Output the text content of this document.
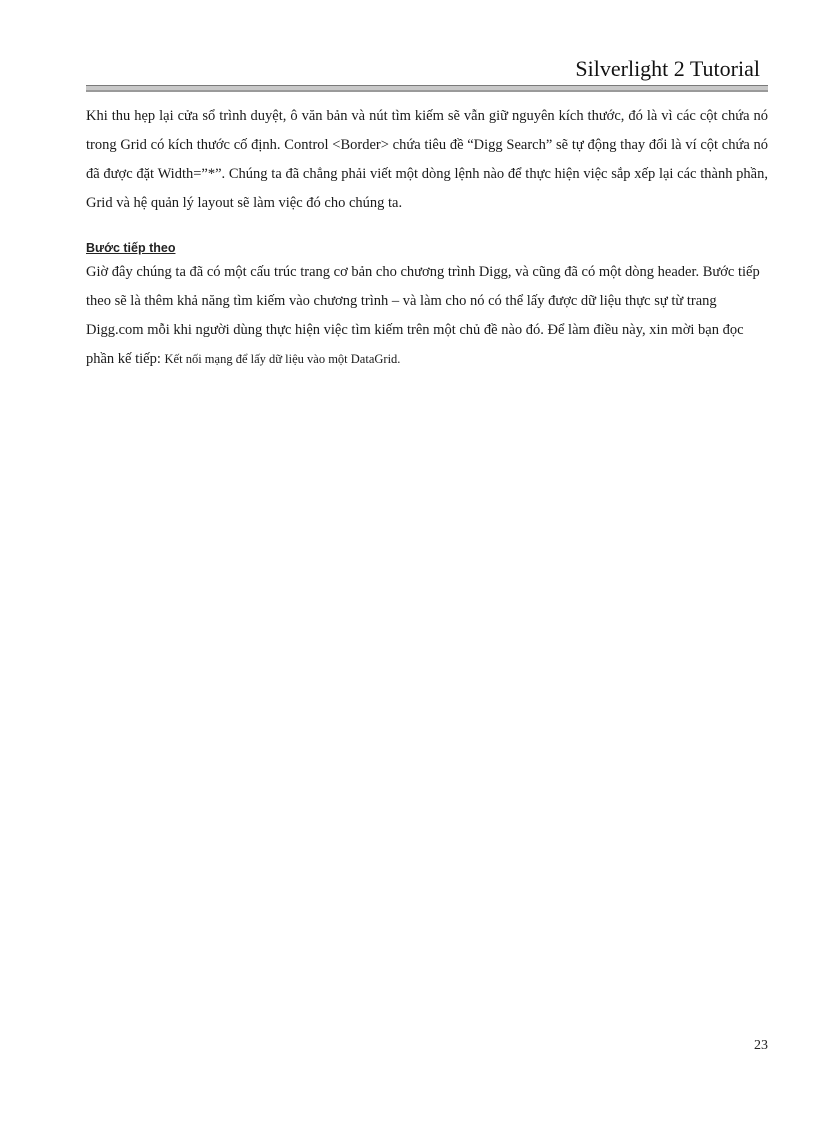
Silverlight 2 Tutorial

Khi thu hẹp lại cửa sổ trình duyệt, ô văn bản và nút tìm kiếm sẽ vẫn giữ nguyên kích thước, đó là vì các cột chứa nó trong Grid có kích thước cố định. Control <Border> chứa tiêu đề “Digg Search” sẽ tự động thay đổi là ví cột chứa nó đã được đặt Width=”*”. Chúng ta đã chẳng phải viết một dòng lệnh nào để thực hiện việc sắp xếp lại các thành phần, Grid và hệ quản lý layout sẽ làm việc đó cho chúng ta.

Bước tiếp theo

Giờ đây chúng ta đã có một cấu trúc trang cơ bản cho chương trình Digg, và cũng đã có một dòng header. Bước tiếp theo sẽ là thêm khả năng tìm kiếm vào chương trình – và làm cho nó có thể lấy được dữ liệu thực sự từ trang Digg.com mỗi khi người dùng thực hiện việc tìm kiếm trên một chủ đề nào đó. Để làm điều này, xin mời bạn đọc phần kế tiếp: Kết nối mạng để lấy dữ liệu vào một DataGrid.

23
